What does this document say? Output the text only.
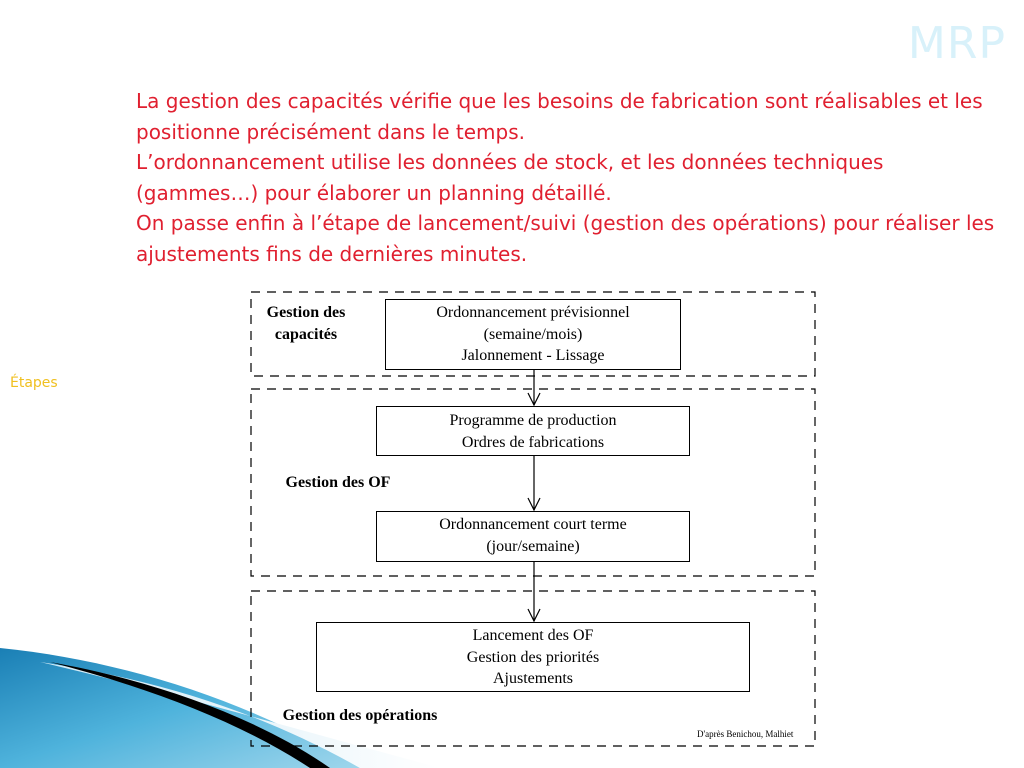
MRP
Étapes

La gestion des capacités vérifie que les besoins de fabrication sont réalisables et les positionne précisément dans le temps.

L’ordonnancement utilise les données de stock, et les données techniques (gammes…) pour élaborer un planning détaillé.

On passe enfin à l’étape de lancement/suivi (gestion des opérations) pour réaliser les ajustements fins de dernières minutes.

Gestion des capacités
Gestion des OF
Gestion des opérations
Ordonnancement prévisionnel
(semaine/mois)
Jalonnement - Lissage
Programme de production
Ordres de fabrications
Ordonnancement court terme
(jour/semaine)
Lancement des OF
Gestion des priorités
Ajustements
D'après Benichou, Malhiet
